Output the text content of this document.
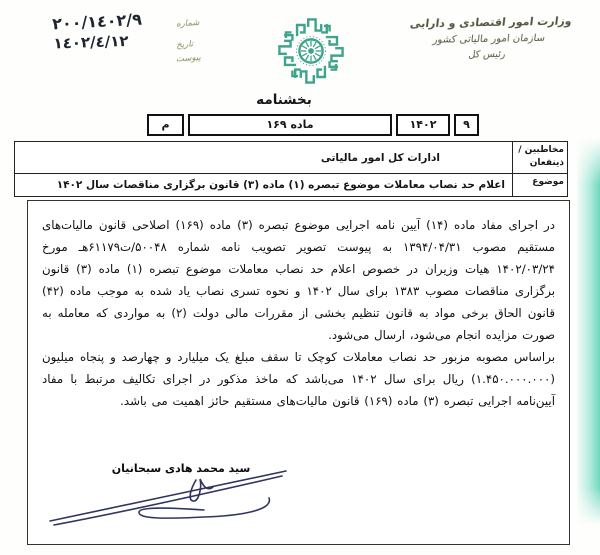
شماره
٢٠٠/١٤٠٢/٩
تاریخ
١٤٠٢/٤/١٢
پیوست
وزارت امور اقتصادی و دارایی
سازمان امور مالیاتی کشور
رئیس کل
بخشنامه
م	ماده ۱۶۹	۱۴۰۲	۹
مخاطبین / ذینفعان
ادارات کل امور مالیاتی
موضوع
اعلام حد نصاب معاملات موضوع تبصره (۱) ماده (۳) قانون برگزاری مناقصات سال ۱۴۰۲

در اجرای مفاد ماده (۱۴) آیین نامه اجرایی موضوع تبصره (۳) ماده (۱۶۹) اصلاحی قانون مالیات‌های مستقیم مصوب ۱۳۹۴/۰۴/۳۱ به پیوست تصویر تصویب نامه شماره ۵۰۰۴۸/ت۶۱۱۷۹هـ مورخ ۱۴۰۲/۰۳/۲۴ هیات وزیران در خصوص اعلام حد نصاب معاملات موضوع تبصره (۱) ماده (۳) قانون برگزاری مناقصات مصوب ۱۳۸۳ برای سال ۱۴۰۲ و نحوه تسری نصاب یاد شده به موجب ماده (۴۲) قانون الحاق برخی مواد به قانون تنظیم بخشی از مقررات مالی دولت (۲) به مواردی که معامله به صورت مزایده انجام می‌شود، ارسال می‌شود.

براساس مصوبه مزبور حد نصاب معاملات کوچک تا سقف مبلغ یک میلیارد و چهارصد و پنجاه میلیون (۱.۴۵۰.۰۰۰.۰۰۰) ریال برای سال ۱۴۰۲ می‌باشد که ماخذ مذکور در اجرای تکالیف مرتبط با مفاد آیین‌نامه اجرایی تبصره (۳) ماده (۱۶۹) قانون مالیات‌های مستقیم حائز اهمیت می باشد.

سید محمد هادی سبحانیان
